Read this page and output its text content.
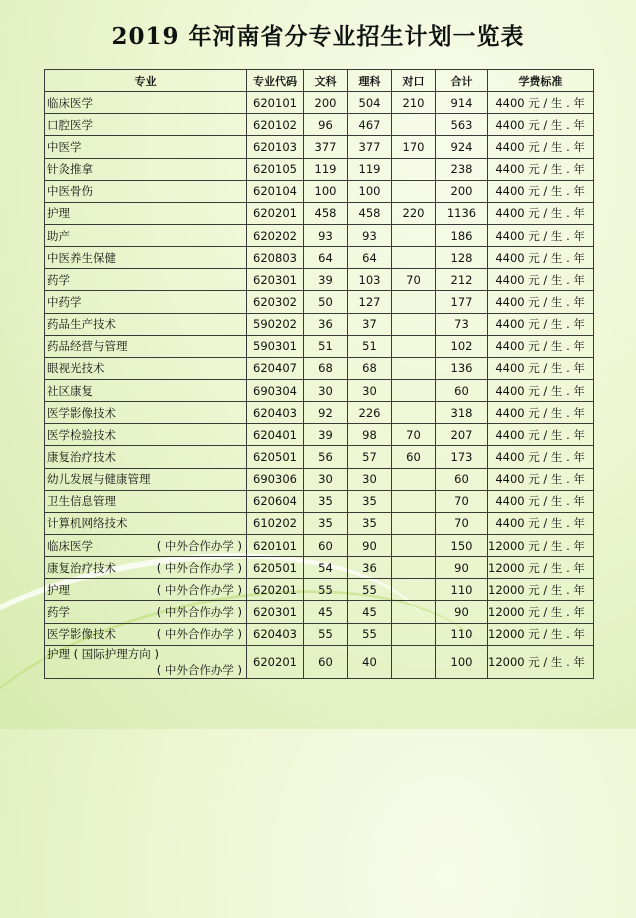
2019 年河南省分专业招生计划一览表
专业	专业代码	文科	理科	对口	合计	学费标准
临床医学	620101	200	504	210	914	4400 元 / 生 . 年
口腔医学	620102	96	467		563	4400 元 / 生 . 年
中医学	620103	377	377	170	924	4400 元 / 生 . 年
针灸推拿	620105	119	119		238	4400 元 / 生 . 年
中医骨伤	620104	100	100		200	4400 元 / 生 . 年
护理	620201	458	458	220	1136	4400 元 / 生 . 年
助产	620202	93	93		186	4400 元 / 生 . 年
中医养生保健	620803	64	64		128	4400 元 / 生 . 年
药学	620301	39	103	70	212	4400 元 / 生 . 年
中药学	620302	50	127		177	4400 元 / 生 . 年
药品生产技术	590202	36	37		73	4400 元 / 生 . 年
药品经营与管理	590301	51	51		102	4400 元 / 生 . 年
眼视光技术	620407	68	68		136	4400 元 / 生 . 年
社区康复	690304	30	30		60	4400 元 / 生 . 年
医学影像技术	620403	92	226		318	4400 元 / 生 . 年
医学检验技术	620401	39	98	70	207	4400 元 / 生 . 年
康复治疗技术	620501	56	57	60	173	4400 元 / 生 . 年
幼儿发展与健康管理	690306	30	30		60	4400 元 / 生 . 年
卫生信息管理	620604	35	35		70	4400 元 / 生 . 年
计算机网络技术	610202	35	35		70	4400 元 / 生 . 年
临床医学 ( 中外合作办学 )	620101	60	90		150	12000 元 / 生 . 年
康复治疗技术 ( 中外合作办学 )	620501	54	36		90	12000 元 / 生 . 年
护理 ( 中外合作办学 )	620201	55	55		110	12000 元 / 生 . 年
药学 ( 中外合作办学 )	620301	45	45		90	12000 元 / 生 . 年
医学影像技术 ( 中外合作办学 )	620403	55	55		110	12000 元 / 生 . 年
护理 ( 国际护理方向 )
( 中外合作办学 )	620201	60	40		100	12000 元 / 生 . 年
